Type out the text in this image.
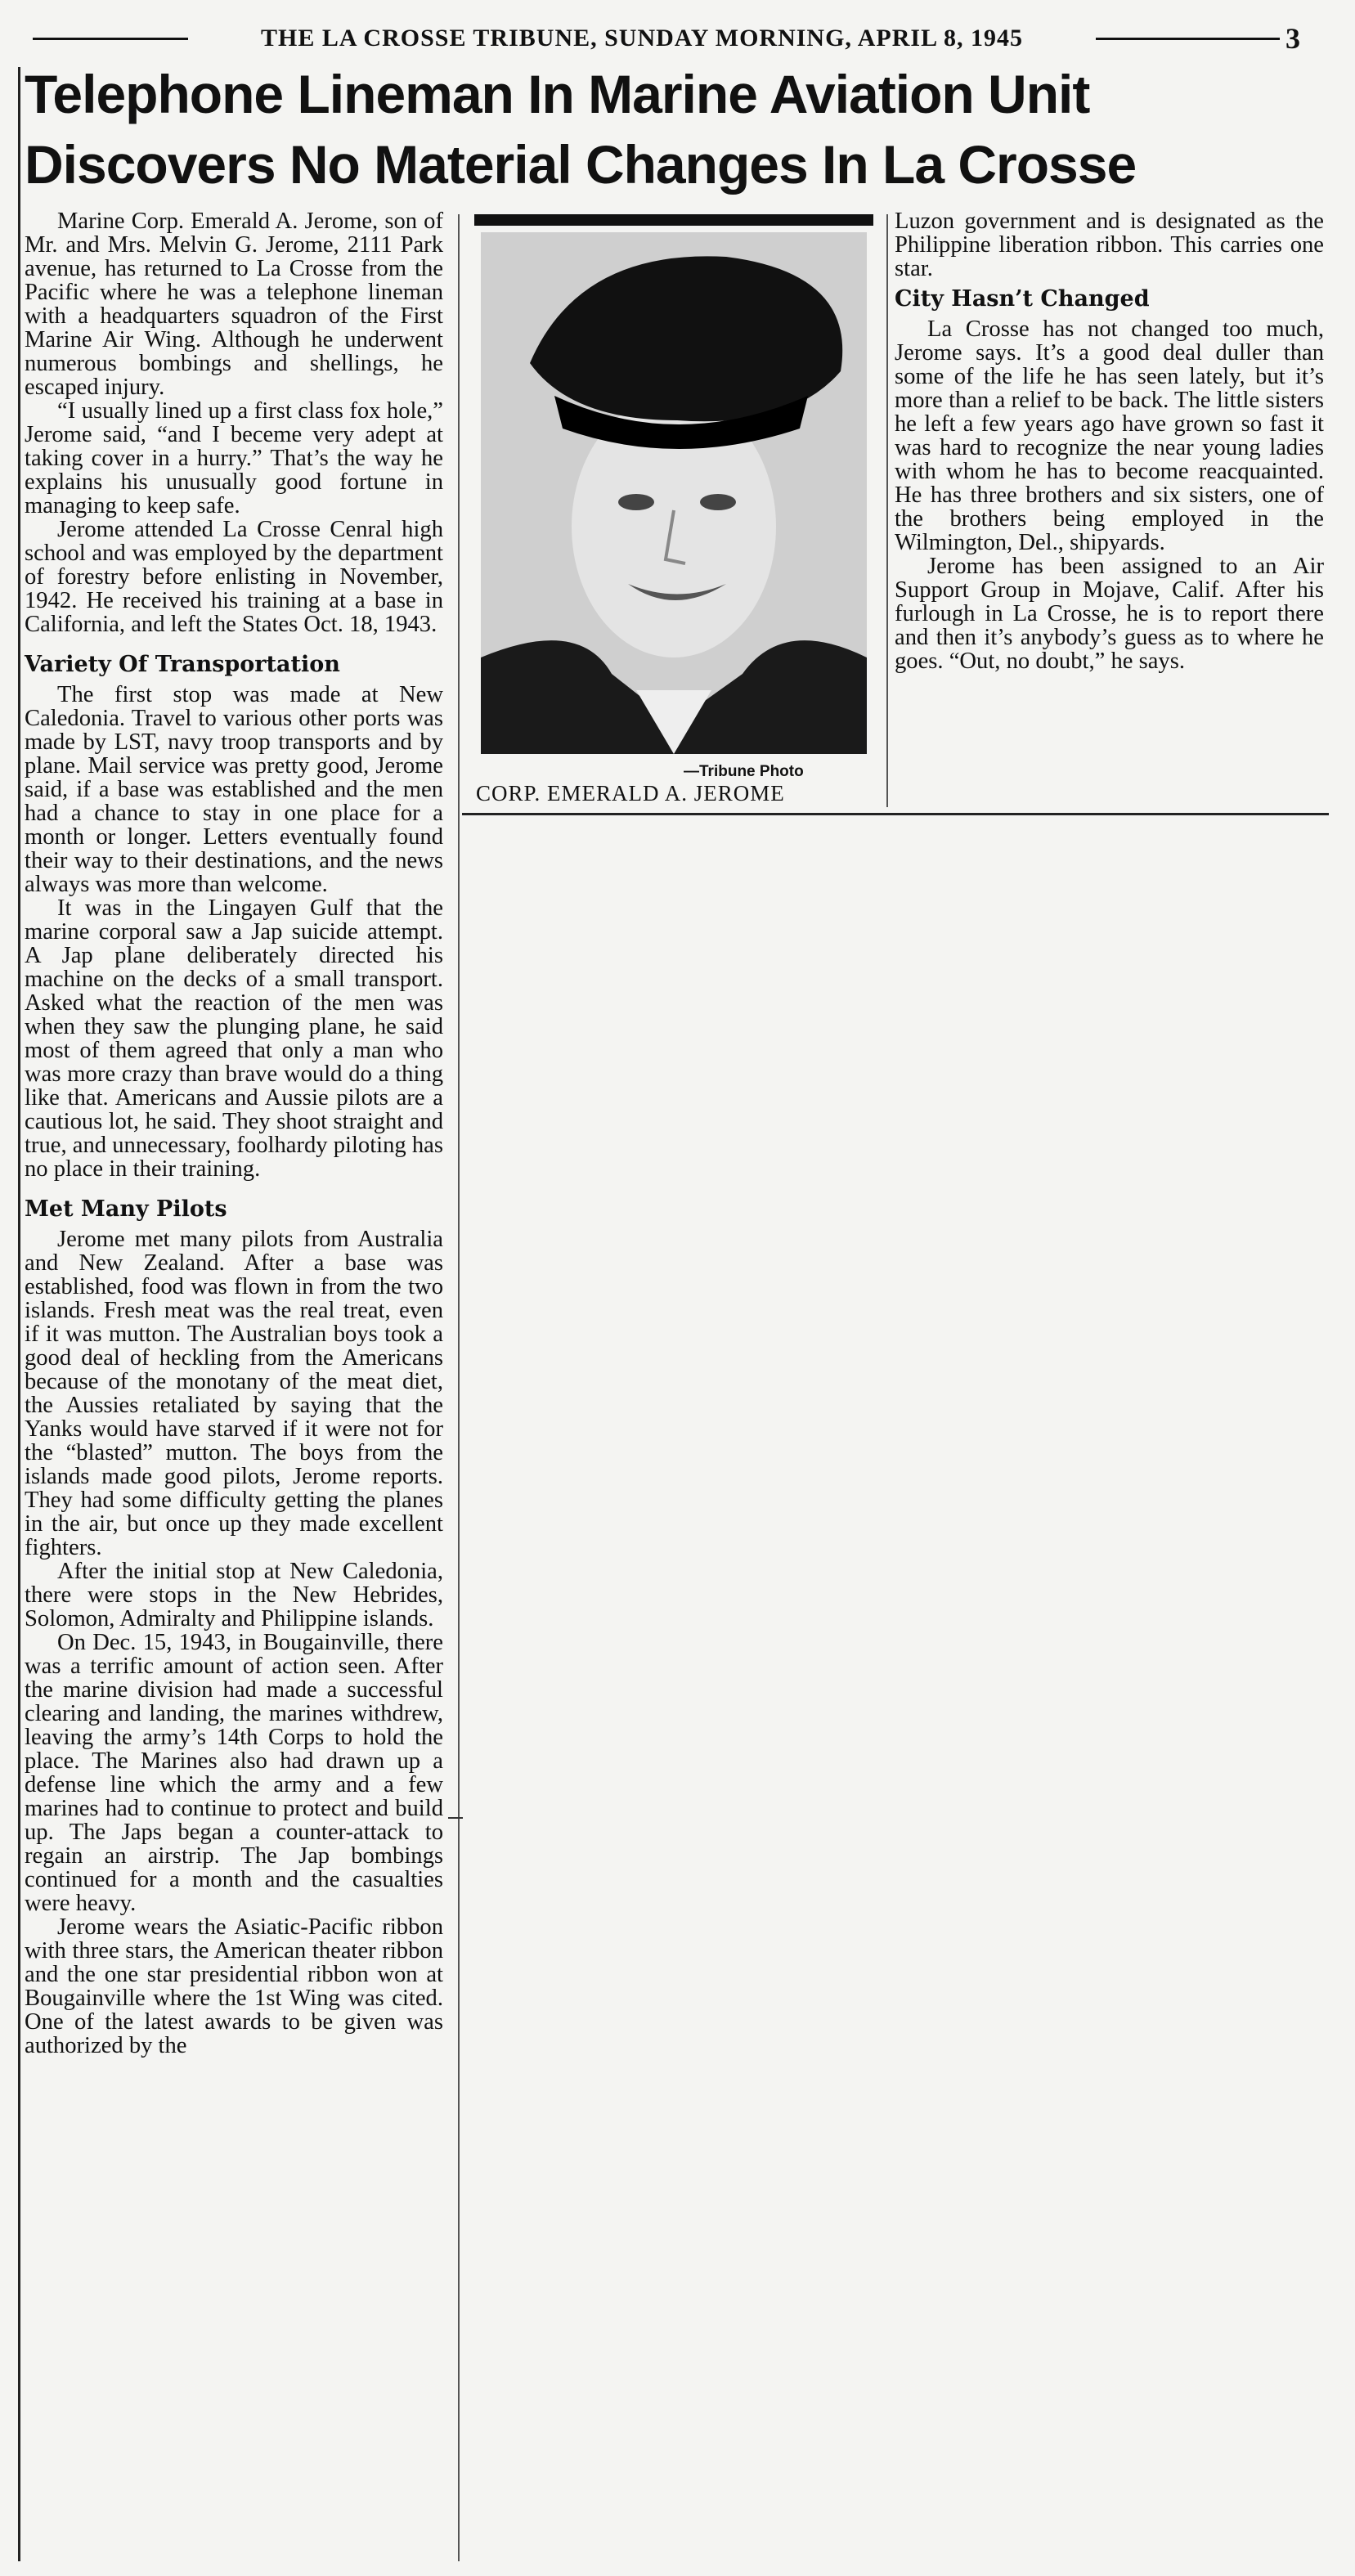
THE LA CROSSE TRIBUNE, SUNDAY MORNING, APRIL 8, 1945	3
Telephone Lineman In Marine Aviation Unit
Discovers No Material Changes In La Crosse

Marine Corp. Emerald A. Jerome, son of Mr. and Mrs. Melvin G. Jerome, 2111 Park avenue, has returned to La Crosse from the Pacific where he was a telephone lineman with a headquarters squadron of the First Marine Air Wing. Although he underwent numerous bombings and shellings, he escaped injury.

“I usually lined up a first class fox hole,” Jerome said, “and I beceme very adept at taking cover in a hurry.” That’s the way he explains his unusually good fortune in managing to keep safe.

Jerome attended La Crosse Cenral high school and was employed by the department of forestry before enlisting in November, 1942. He received his training at a base in California, and left the States Oct. 18, 1943.

Variety Of Transportation

The first stop was made at New Caledonia. Travel to various other ports was made by LST, navy troop transports and by plane. Mail service was pretty good, Jerome said, if a base was established and the men had a chance to stay in one place for a month or longer. Letters eventually found their way to their destinations, and the news always was more than welcome.

It was in the Lingayen Gulf that the marine corporal saw a Jap suicide attempt. A Jap plane deliberately directed his machine on the decks of a small transport. Asked what the reaction of the men was when they saw the plunging plane, he said most of them agreed that only a man who was more crazy than brave would do a thing like that. Americans and Aussie pilots are a cautious lot, he said. They shoot straight and true, and unnecessary, foolhardy piloting has no place in their training.

Met Many Pilots

Jerome met many pilots from Australia and New Zealand. After a base was established, food was flown in from the two islands. Fresh meat was the real treat, even if it was mutton. The Australian boys took a good deal of heckling from the Americans because of the monotany of the meat diet, the Aussies retaliated by saying that the Yanks would have starved if it were not for the “blasted” mutton. The boys from the islands made good pilots, Jerome reports. They had some difficulty getting the planes in the air, but once up they made excellent fighters.

After the initial stop at New Caledonia, there were stops in the New Hebrides, Solomon, Admiralty and Philippine islands.

On Dec. 15, 1943, in Bougainville, there was a terrific amount of action seen. After the marine division had made a successful clearing and landing, the marines withdrew, leaving the army’s 14th Corps to hold the place. The Marines also had drawn up a defense line which the army and a few marines had to continue to protect and build up. The Japs began a counter-attack to regain an airstrip. The Jap bombings continued for a month and the casualties were heavy.

Jerome wears the Asiatic-Pacific ribbon with three stars, the American theater ribbon and the one star presidential ribbon won at Bougainville where the 1st Wing was cited. One of the latest awards to be given was authorized by the

—Tribune Photo
CORP. EMERALD A. JEROME

Luzon government and is designated as the Philippine liberation ribbon. This carries one star.

City Hasn’t Changed

La Crosse has not changed too much, Jerome says. It’s a good deal duller than some of the life he has seen lately, but it’s more than a relief to be back. The little sisters he left a few years ago have grown so fast it was hard to recognize the near young ladies with whom he has to become reacquainted. He has three brothers and six sisters, one of the brothers being employed in the Wilmington, Del., shipyards.

Jerome has been assigned to an Air Support Group in Mojave, Calif. After his furlough in La Crosse, he is to report there and then it’s anybody’s guess as to where he goes. “Out, no doubt,” he says.
